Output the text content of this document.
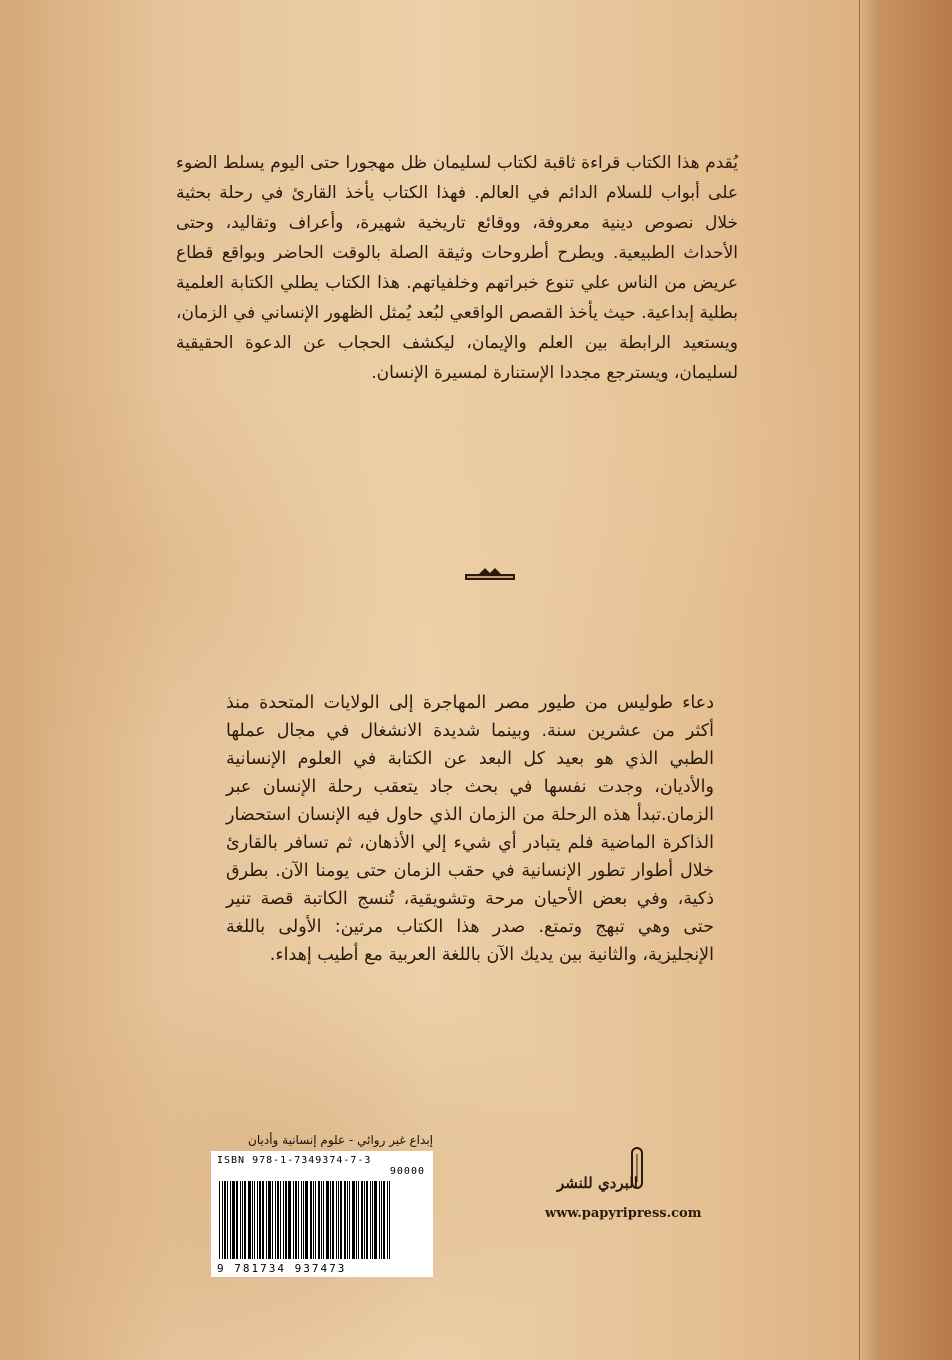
يُقدم هذا الكتاب قراءة ثاقبة لكتاب لسليمان ظل مهجورا حتى اليوم يسلط الضوء على أبواب للسلام الدائم في العالم. فهذا الكتاب يأخذ القارئ في رحلة بحثية خلال نصوص دينية معروفة، ووقائع تاريخية شهيرة، وأعراف وتقاليد، وحتى الأحداث الطبيعية. ويطرح أطروحات وثيقة الصلة بالوقت الحاضر وبواقع قطاع عريض من الناس علي تنوع خبراتهم وخلفياتهم. هذا الكتاب يطلي الكتابة العلمية بطلية إبداعية. حيث يأخذ القصص الواقعي لبُعد يُمثل الظهور الإنساني في الزمان، ويستعيد الرابطة بين العلم والإيمان، ليكشف الحجاب عن الدعوة الحقيقية لسليمان، ويسترجع مجددا الإستنارة لمسيرة الإنسان.

دعاء طوليس من طيور مصر المهاجرة إلى الولايات المتحدة منذ أكثر من عشرين سنة. وبينما شديدة الانشغال في مجال عملها الطبي الذي هو بعيد كل البعد عن الكتابة في العلوم الإنسانية والأديان، وجدت نفسها في بحث جاد يتعقب رحلة الإنسان عبر الزمان.تبدأ هذه الرحلة من الزمان الذي حاول فيه الإنسان استحضار الذاكرة الماضية فلم يتبادر أي شيء إلي الأذهان، ثم تسافر بالقارئ خلال أطوار تطور الإنسانية في حقب الزمان حتى يومنا الآن. بطرق ذكية، وفي بعض الأحيان مرحة وتشويقية، تُنسج الكاتبة قصة تنير حتى وهي تبهج وتمتع. صدر هذا الكتاب مرتين: الأولى باللغة الإنجليزية، والثانية بين يديك الآن باللغة العربية مع أطيب إهداء.

إبداع غير روائي - علوم إنسانية وأديان
ISBN 978-1-7349374-7-3
90000
9 781734 937473
البردي للنشر
www.papyripress.com
